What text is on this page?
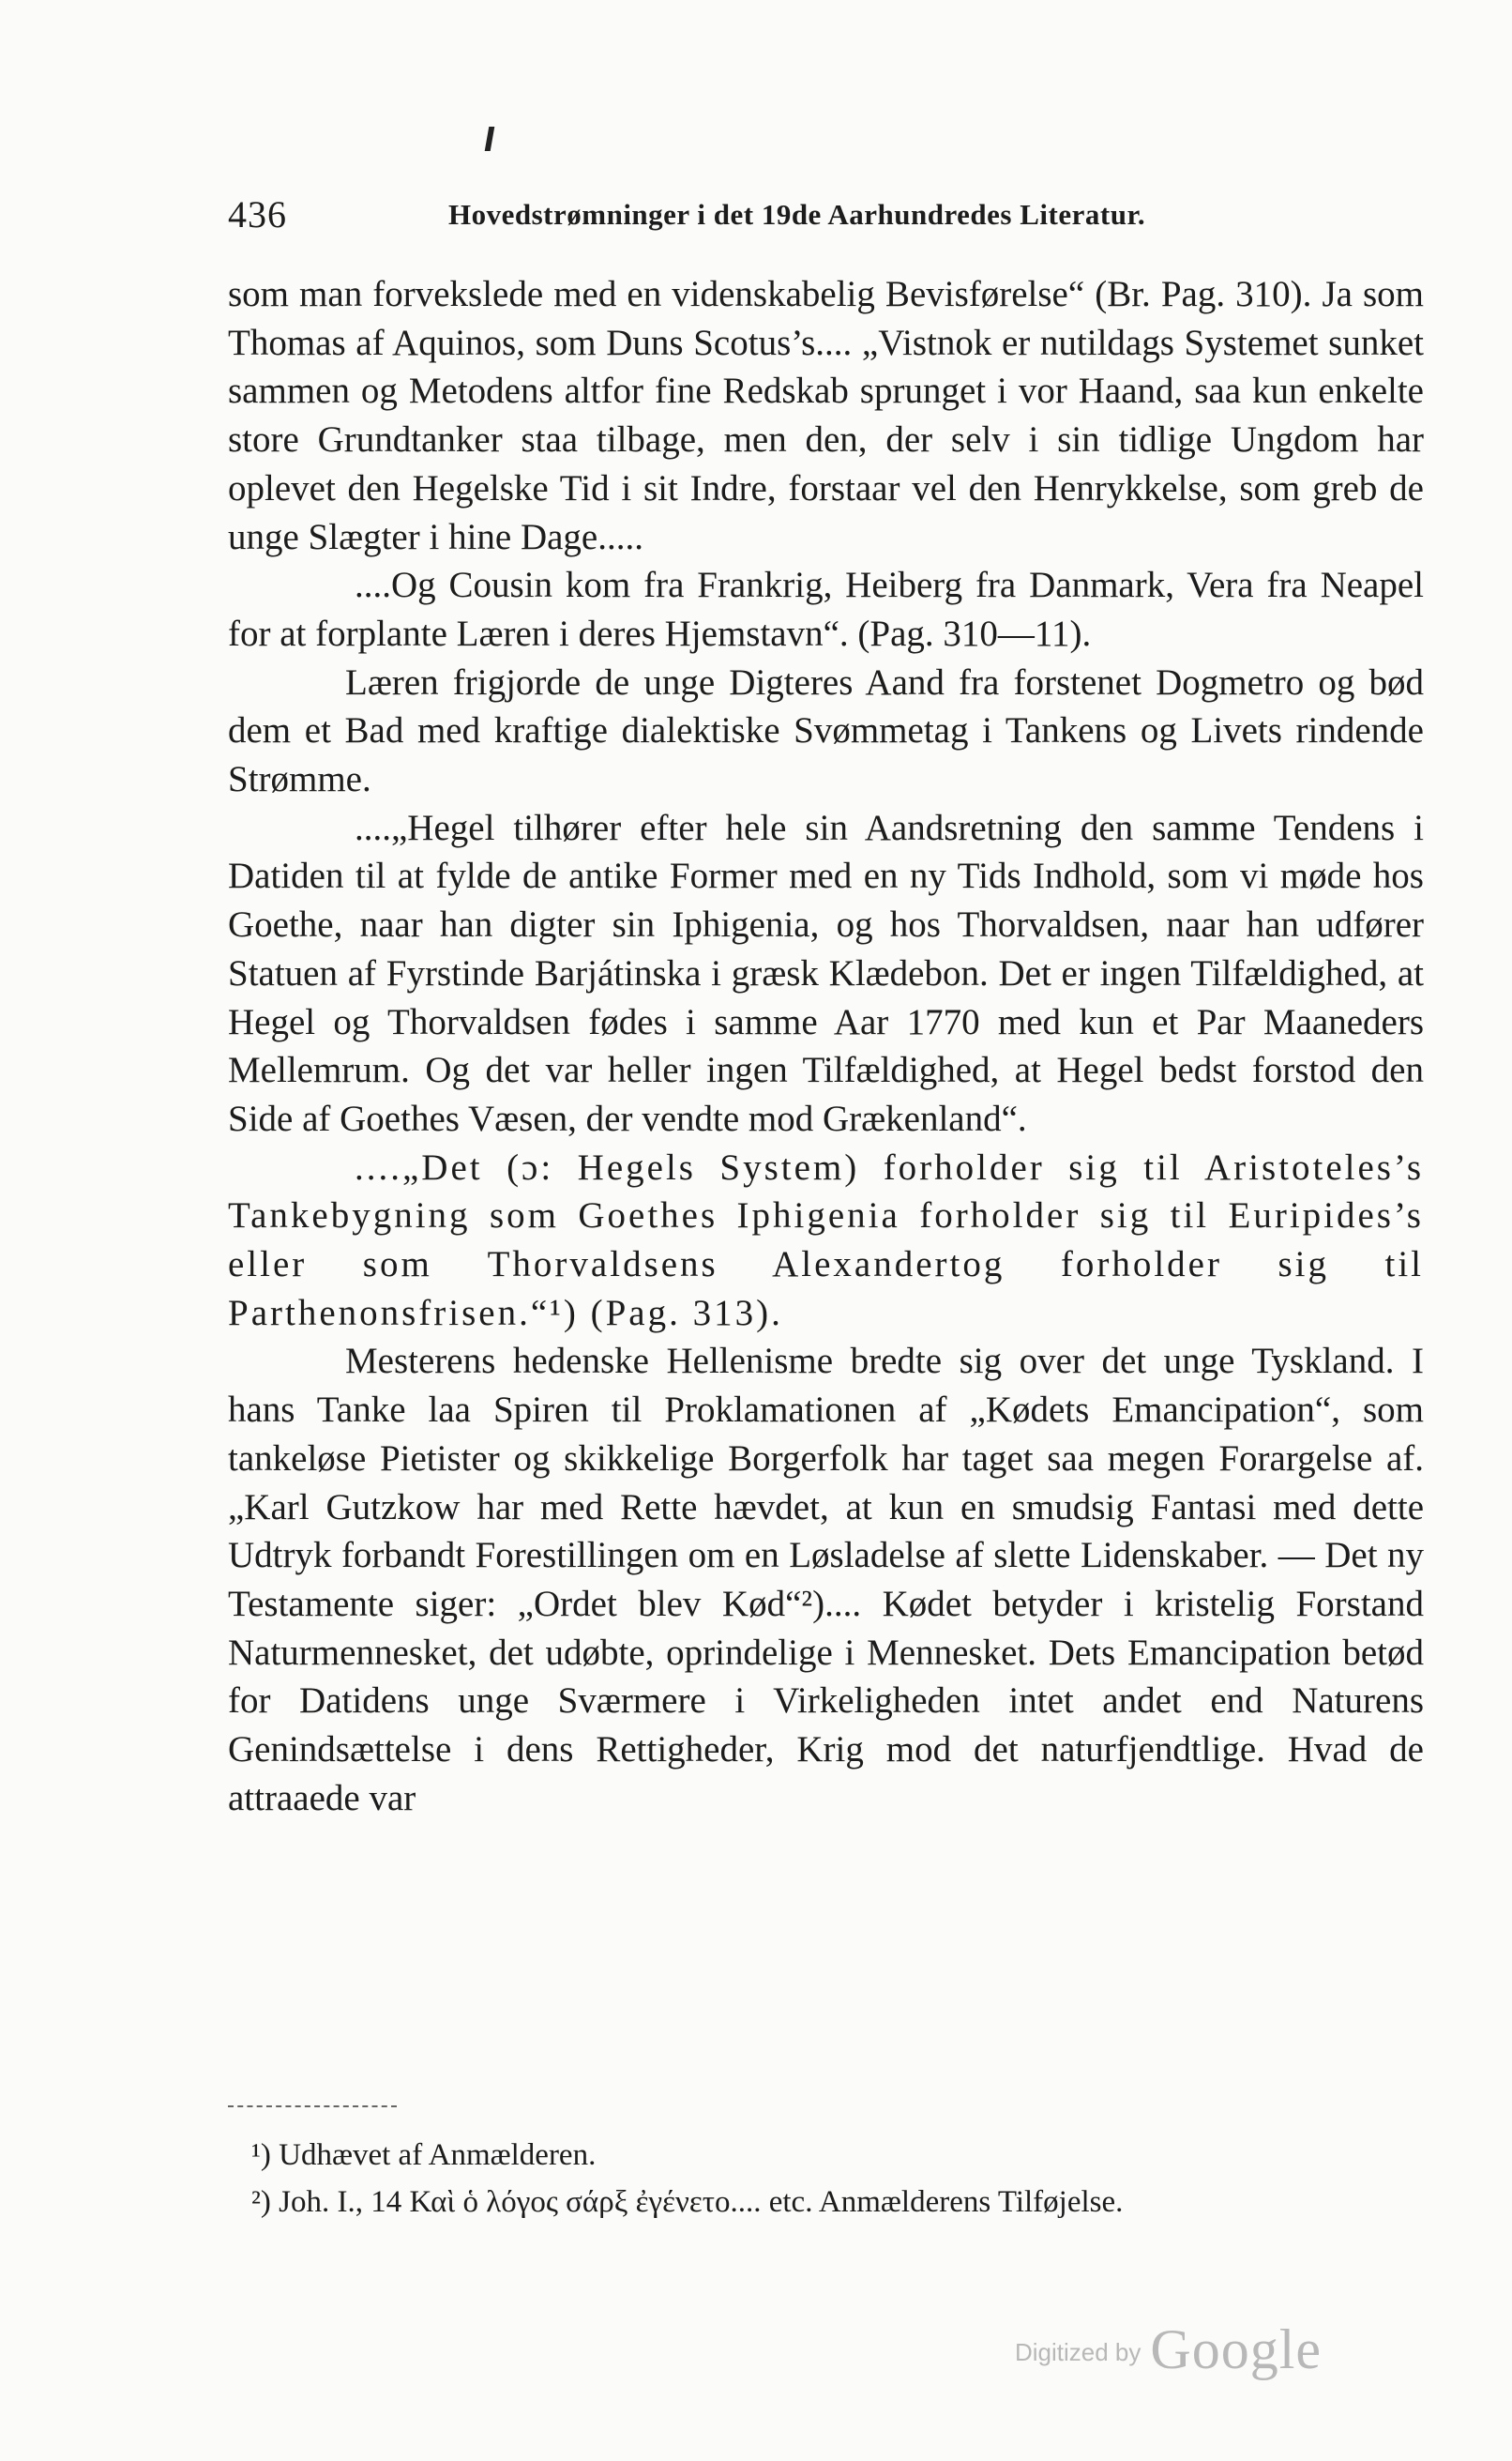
436	Hovedstrømninger i det 19de Aarhundredes Literatur.

som man forvekslede med en videnskabelig Bevisførelse“ (Br. Pag. 310). Ja som Thomas af Aquinos, som Duns Scotus’s.... „Vistnok er nutildags Systemet sunket sammen og Metodens altfor fine Redskab sprunget i vor Haand, saa kun enkelte store Grundtanker staa tilbage, men den, der selv i sin tidlige Ungdom har oplevet den Hegelske Tid i sit Indre, forstaar vel den Henrykkelse, som greb de unge Slægter i hine Dage.....

....Og Cousin kom fra Frankrig, Heiberg fra Danmark, Vera fra Neapel for at forplante Læren i deres Hjemstavn“. (Pag. 310—11).

Læren frigjorde de unge Digteres Aand fra forstenet Dogmetro og bød dem et Bad med kraftige dialektiske Svømmetag i Tankens og Livets rindende Strømme.

....„Hegel tilhører efter hele sin Aandsretning den samme Tendens i Datiden til at fylde de antike Former med en ny Tids Indhold, som vi møde hos Goethe, naar han digter sin Iphigenia, og hos Thorvaldsen, naar han udfører Statuen af Fyrstinde Barjátinska i græsk Klædebon. Det er ingen Tilfældighed, at Hegel og Thorvaldsen fødes i samme Aar 1770 med kun et Par Maaneders Mellemrum. Og det var heller ingen Tilfældighed, at Hegel bedst forstod den Side af Goethes Væsen, der vendte mod Grækenland“.

....„Det (ɔ: Hegels System) forholder sig til Aristoteles’s Tankebygning som Goethes Iphigenia forholder sig til Euripides’s eller som Thorvaldsens Alexandertog forholder sig til Parthenonsfrisen.“¹) (Pag. 313).

Mesterens hedenske Hellenisme bredte sig over det unge Tyskland. I hans Tanke laa Spiren til Proklamationen af „Kødets Emancipation“, som tankeløse Pietister og skikkelige Borgerfolk har taget saa megen Forargelse af. „Karl Gutzkow har med Rette hævdet, at kun en smudsig Fantasi med dette Udtryk forbandt Forestillingen om en Løsladelse af slette Lidenskaber. — Det ny Testamente siger: „Ordet blev Kød“²).... Kødet betyder i kristelig Forstand Naturmennesket, det udøbte, oprindelige i Mennesket. Dets Emancipation betød for Datidens unge Sværmere i Virkeligheden intet andet end Naturens Genindsættelse i dens Rettigheder, Krig mod det naturfjendtlige. Hvad de attraaede var

¹) Udhævet af Anmælderen.

²) Joh. I., 14 Καὶ ὁ λόγος σάρξ ἐγένετο.... etc. Anmælderens Tilføjelse.

Digitized by Google
